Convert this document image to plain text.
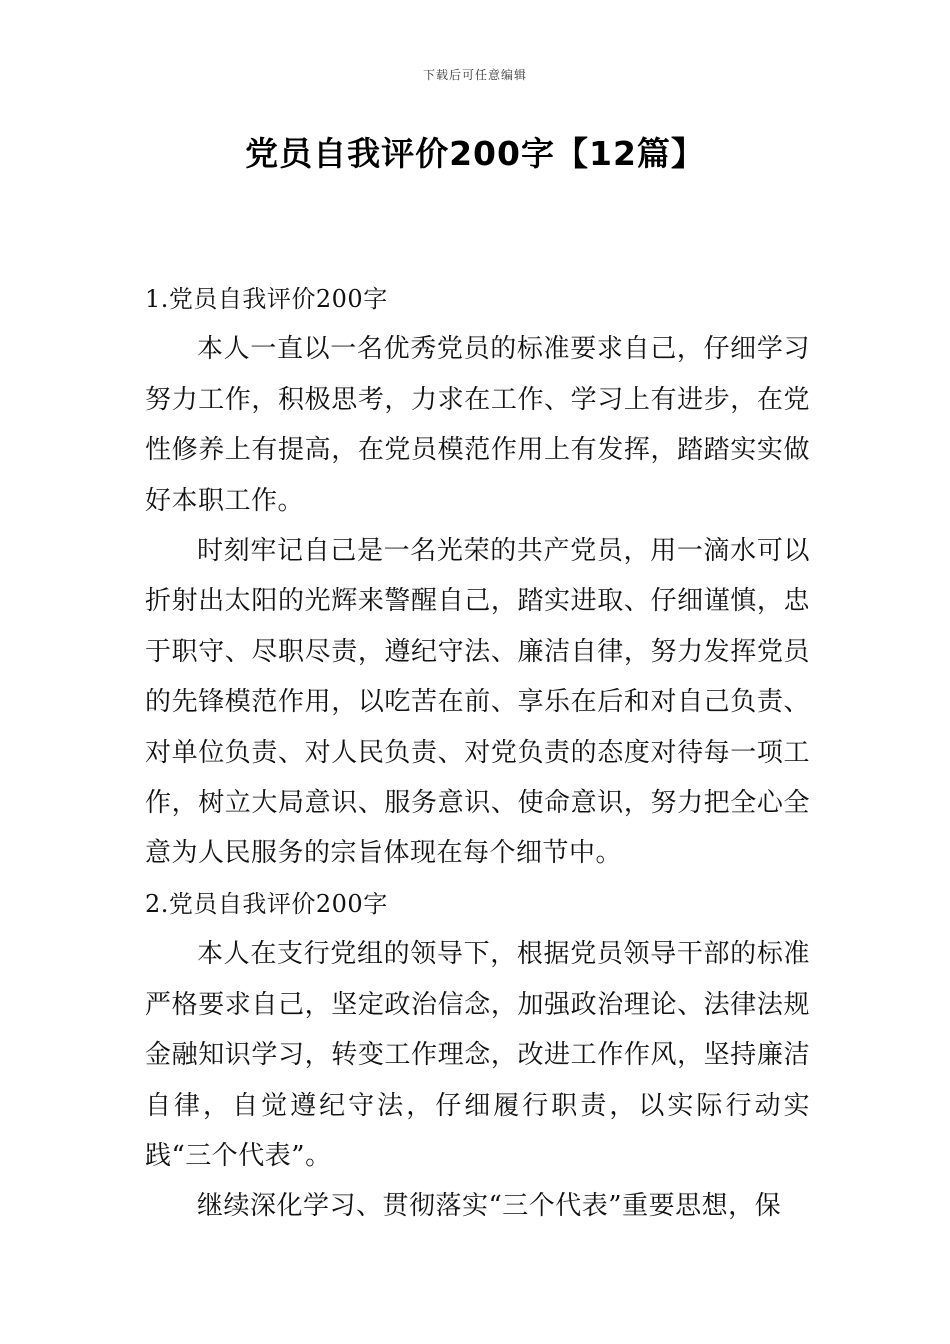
下载后可任意编辑
党员自我评价200字【12篇】

1.党员自我评价200字

本人一直以一名优秀党员的标准要求自己，仔细学习努力工作，积极思考，力求在工作、学习上有进步，在党性修养上有提高，在党员模范作用上有发挥，踏踏实实做好本职工作。

时刻牢记自己是一名光荣的共产党员，用一滴水可以折射出太阳的光辉来警醒自己，踏实进取、仔细谨慎，忠于职守、尽职尽责，遵纪守法、廉洁自律，努力发挥党员的先锋模范作用，以吃苦在前、享乐在后和对自己负责、对单位负责、对人民负责、对党负责的态度对待每一项工作，树立大局意识、服务意识、使命意识，努力把全心全意为人民服务的宗旨体现在每个细节中。

2.党员自我评价200字

本人在支行党组的领导下，根据党员领导干部的标准严格要求自己，坚定政治信念，加强政治理论、法律法规金融知识学习，转变工作理念，改进工作作风，坚持廉洁自律，自觉遵纪守法，仔细履行职责，以实际行动实践“三个代表”。

继续深化学习、贯彻落实“三个代表”重要思想，保
